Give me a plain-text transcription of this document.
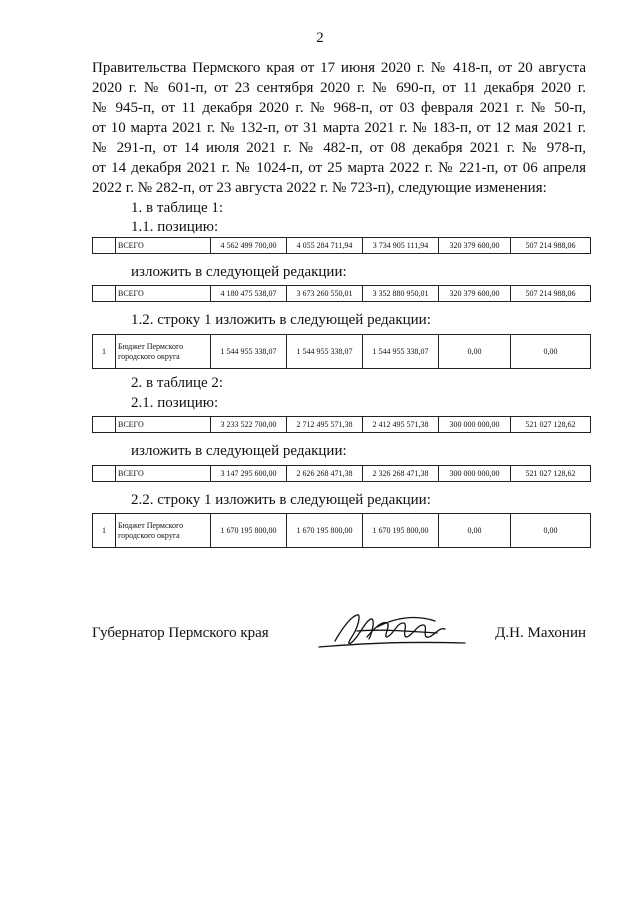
2
Правительства Пермского края от 17 июня 2020 г. № 418-п, от 20 августа
2020 г. № 601-п, от 23 сентября 2020 г. № 690-п, от 11 декабря 2020 г.
№ 945-п, от 11 декабря 2020 г. № 968-п, от 03 февраля 2021 г. № 50-п,
от 10 марта 2021 г. № 132-п, от 31 марта 2021 г. № 183-п, от 12 мая 2021 г.
№ 291-п, от 14 июля 2021 г. № 482-п, от 08 декабря 2021 г. № 978-п,
от 14 декабря 2021 г. № 1024-п, от 25 марта 2022 г. № 221-п, от 06 апреля
2022 г. № 282-п, от 23 августа 2022 г. № 723-п), следующие изменения:
1. в таблице 1:
1.1. позицию:
	ВСЕГО	4 562 499 700,00	4 055 284 711,94	3 734 905 111,94	320 379 600,00	507 214 988,06
изложить в следующей редакции:
	ВСЕГО	4 180 475 538,07	3 673 260 550,01	3 352 880 950,01	320 379 600,00	507 214 988,06
1.2. строку 1 изложить в следующей редакции:
1	Бюджет Пермского городского округа	1 544 955 338,07	1 544 955 338,07	1 544 955 338,07	0,00	0,00
2. в таблице 2:
2.1. позицию:
	ВСЕГО	3 233 522 700,00	2 712 495 571,38	2 412 495 571,38	300 000 000,00	521 027 128,62
изложить в следующей редакции:
	ВСЕГО	3 147 295 600,00	2 626 268 471,38	2 326 268 471,38	300 000 000,00	521 027 128,62
2.2. строку 1 изложить в следующей редакции:
1	Бюджет Пермского городского округа	1 670 195 800,00	1 670 195 800,00	1 670 195 800,00	0,00	0,00
Губернатор Пермского края	Д.Н. Махонин
